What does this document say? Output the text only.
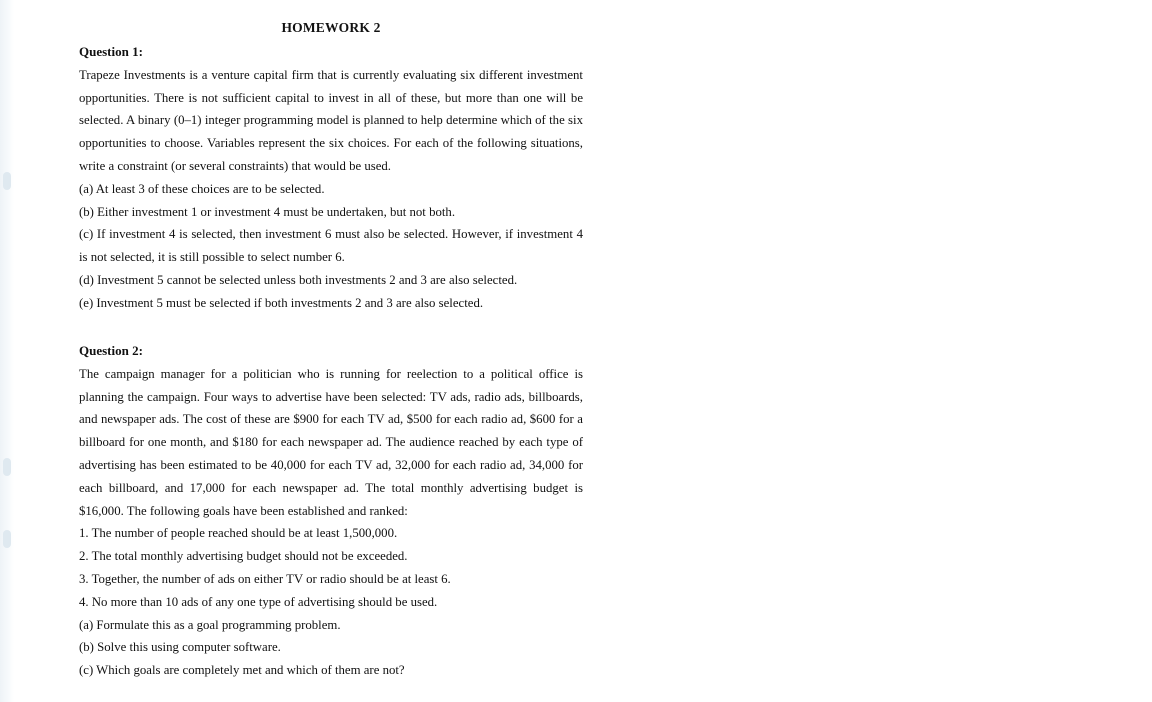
HOMEWORK 2
Question 1:
Trapeze Investments is a venture capital firm that is currently evaluating six different investment opportunities. There is not sufficient capital to invest in all of these, but more than one will be selected. A binary (0–1) integer programming model is planned to help determine which of the six opportunities to choose. Variables represent the six choices. For each of the following situations, write a constraint (or several constraints) that would be used.
(a) At least 3 of these choices are to be selected.
(b) Either investment 1 or investment 4 must be undertaken, but not both.
(c) If investment 4 is selected, then investment 6 must also be selected. However, if investment 4 is not selected, it is still possible to select number 6.
(d) Investment 5 cannot be selected unless both investments 2 and 3 are also selected.
(e) Investment 5 must be selected if both investments 2 and 3 are also selected.
Question 2:
The campaign manager for a politician who is running for reelection to a political office is planning the campaign. Four ways to advertise have been selected: TV ads, radio ads, billboards, and newspaper ads. The cost of these are $900 for each TV ad, $500 for each radio ad, $600 for a billboard for one month, and $180 for each newspaper ad. The audience reached by each type of advertising has been estimated to be 40,000 for each TV ad, 32,000 for each radio ad, 34,000 for each billboard, and 17,000 for each newspaper ad. The total monthly advertising budget is $16,000. The following goals have been established and ranked:
1. The number of people reached should be at least 1,500,000.
2. The total monthly advertising budget should not be exceeded.
3. Together, the number of ads on either TV or radio should be at least 6.
4. No more than 10 ads of any one type of advertising should be used.
(a) Formulate this as a goal programming problem.
(b) Solve this using computer software.
(c) Which goals are completely met and which of them are not?
